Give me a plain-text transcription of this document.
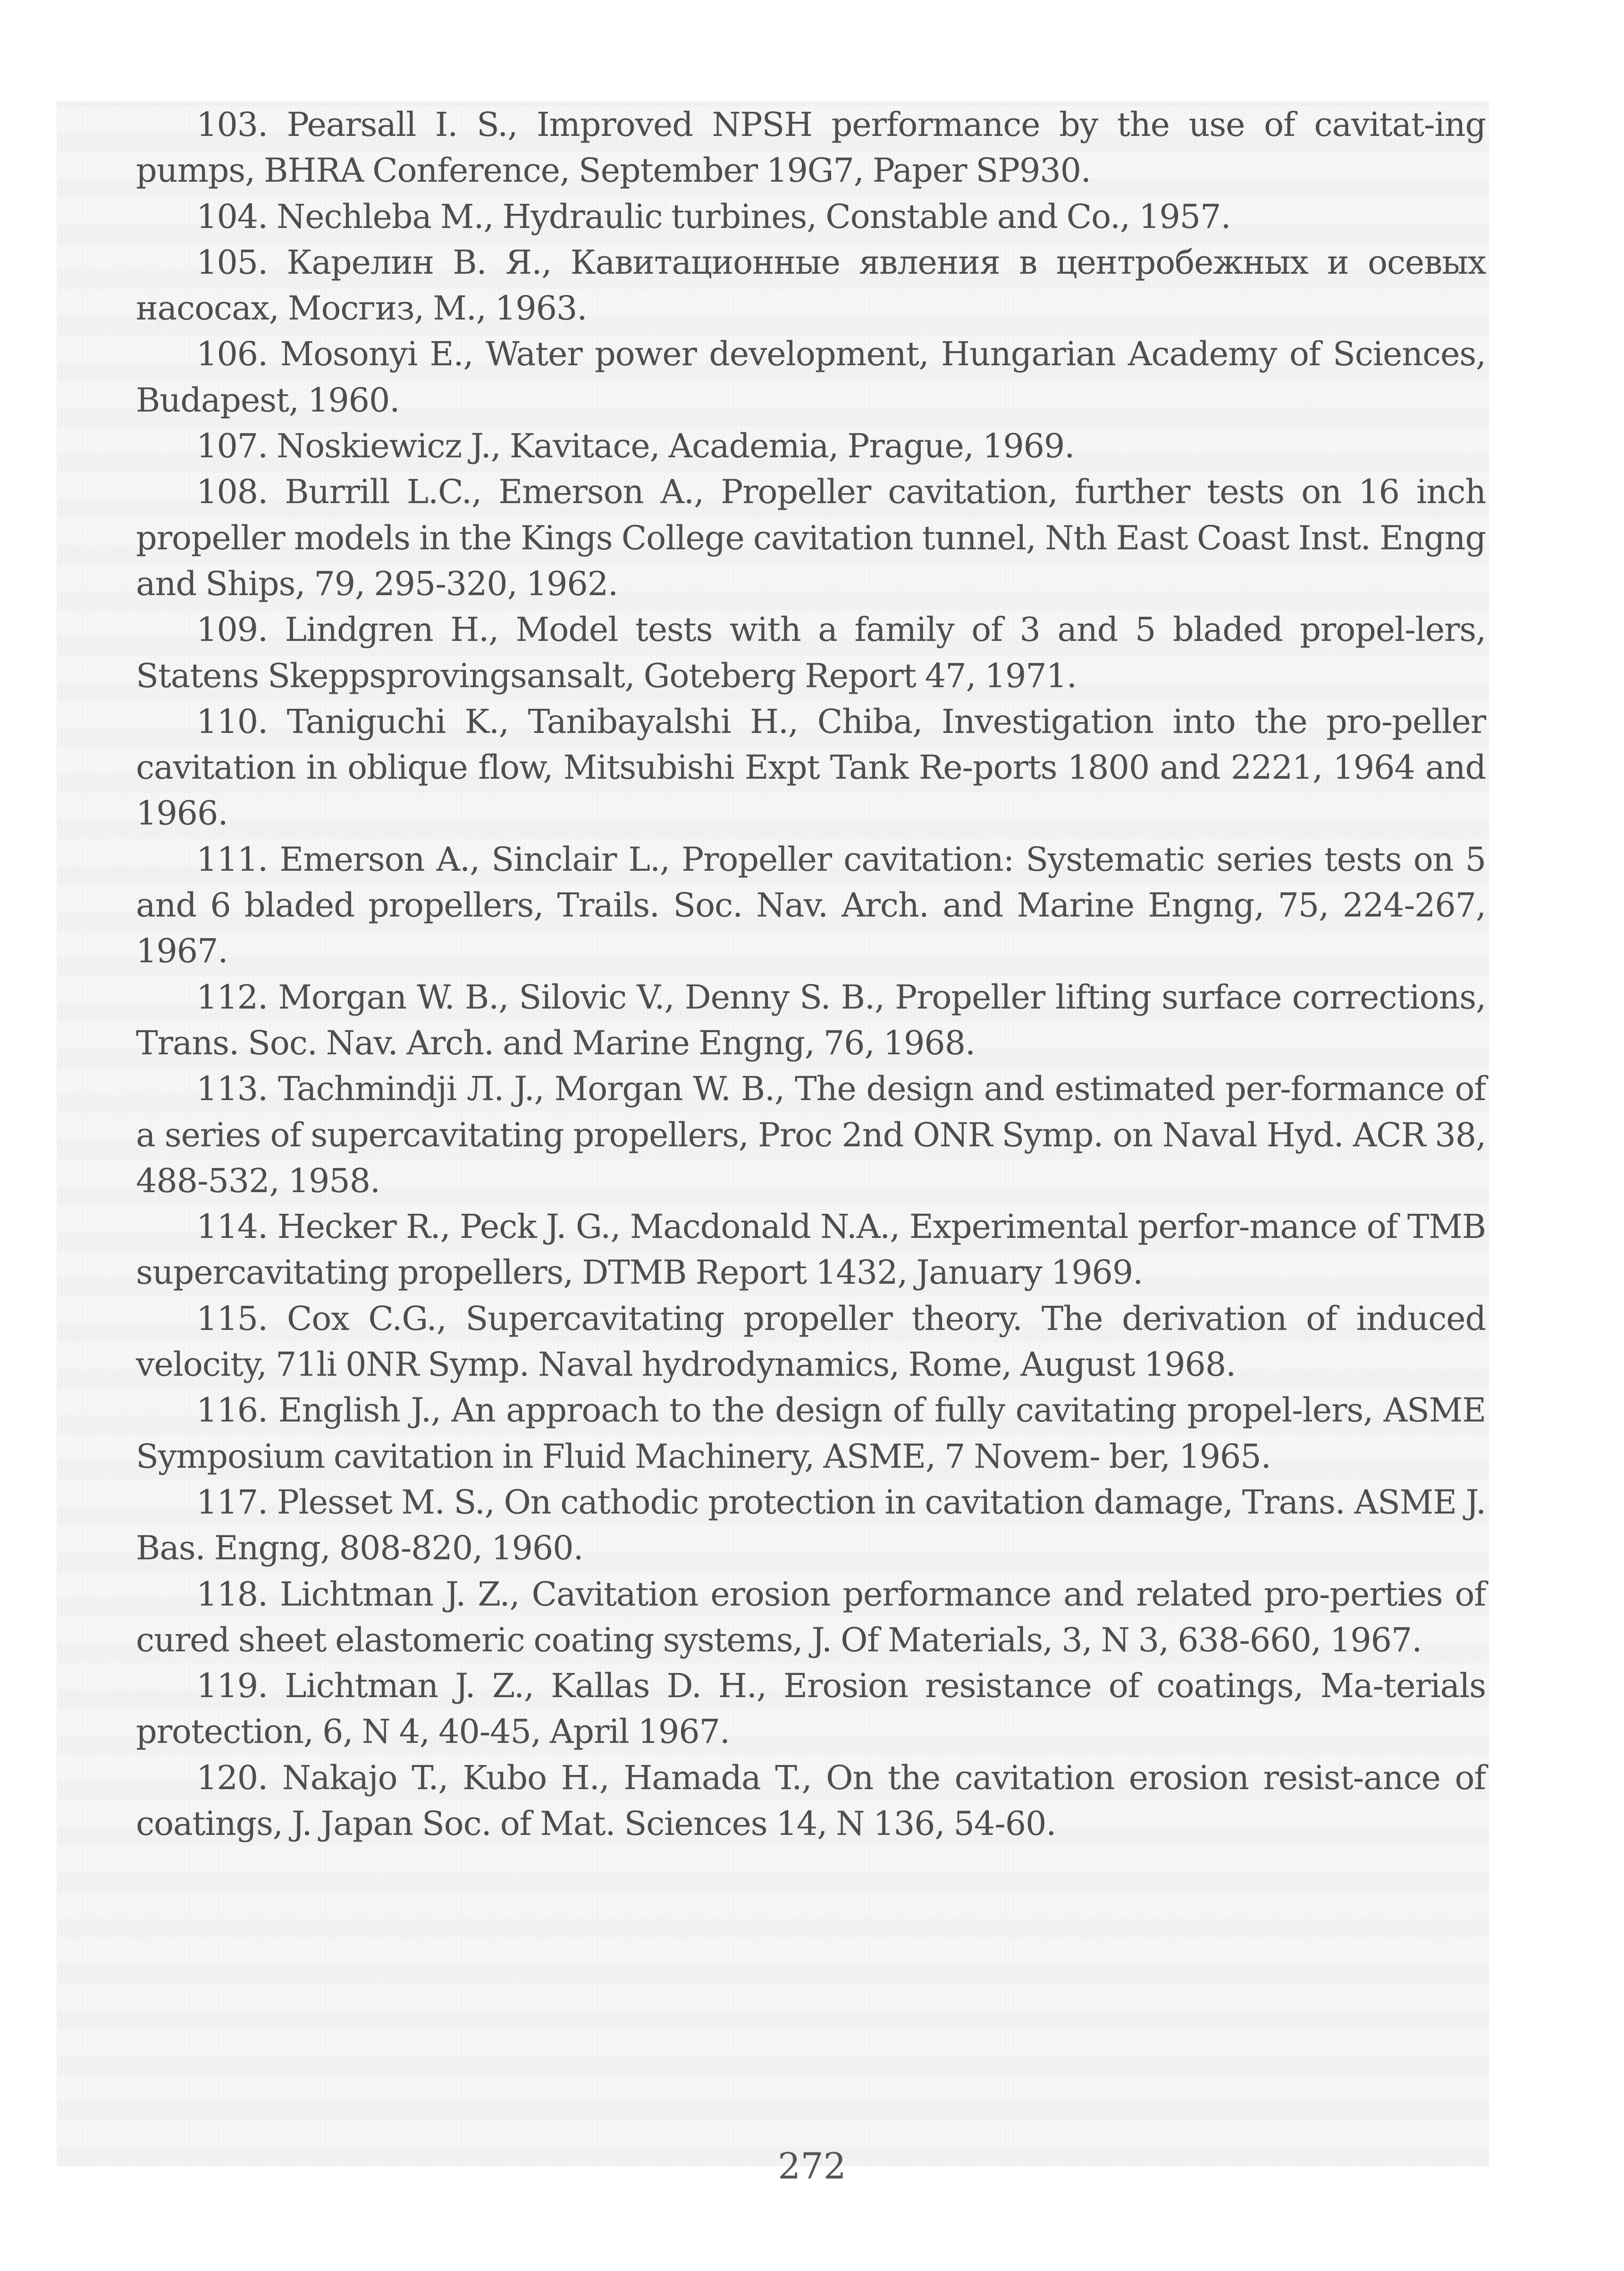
103. Pearsall I. S., Improved NPSH performance by the use of cavitat-ing pumps, BHRA Conference, September 19G7, Paper SP930.

104. Nechleba M., Hydraulic turbines, Constable and Co., 1957.

105. Карелин В. Я., Кавитационные явления в центробежных и осевых насосах, Мосгиз, М., 1963.

106. Mosonyi E., Water power development, Hungarian Academy of Sciences, Budapest, 1960.

107. Noskiewicz J., Kavitace, Academia, Prague, 1969.

108. Burrill L.C., Emerson A., Propeller cavitation, further tests on 16 inch propeller models in the Kings College cavitation tunnel, Nth East Coast Inst. Engng and Ships, 79, 295-320, 1962.

109. Lindgren H., Model tests with a family of 3 and 5 bladed propel-lers, Statens Skeppsprovingsansalt, Goteberg Report 47, 1971.

110. Taniguchi K., Tanibayalshi H., Chiba, Investigation into the pro-peller cavitation in oblique flow, Mitsubishi Expt Tank Re-ports 1800 and 2221, 1964 and 1966.

111. Emerson A., Sinclair L., Propeller cavitation: Systematic series tests on 5 and 6 bladed propellers, Trails. Soc. Nav. Arch. and Marine Engng, 75, 224-267, 1967.

112. Morgan W. B., Silovic V., Denny S. B., Propeller lifting surface corrections, Trans. Soc. Nav. Arch. and Marine Engng, 76, 1968.

113. Tachmindji Л. J., Morgan W. B., The design and estimated per-formance of a series of supercavitating propellers, Proc 2nd ONR Symp. on Naval Hyd. ACR 38, 488-532, 1958.

114. Hecker R., Peck J. G., Macdonald N.A., Experimental perfor-mance of TMB supercavitating propellers, DTMB Report 1432, January 1969.

115. Cox C.G., Supercavitating propeller theory. The derivation of induced velocity, 71li 0NR Symp. Naval hydrodynamics, Rome, August 1968.

116. English J., An approach to the design of fully cavitating propel-lers, ASME Symposium cavitation in Fluid Machinery, ASME, 7 Novem- ber, 1965.

117. Plesset M. S., On cathodic protection in cavitation damage, Trans. ASME J. Bas. Engng, 808-820, 1960.

118. Lichtman J. Z., Cavitation erosion performance and related pro-perties of cured sheet elastomeric coating systems, J. Of Materials, 3, N 3, 638-660, 1967.

119. Lichtman J. Z., Kallas D. H., Erosion resistance of coatings, Ma-terials protection, 6, N 4, 40-45, April 1967.

120. Nakajo T., Kubo H., Hamada T., On the cavitation erosion resist-ance of coatings, J. Japan Soc. of Mat. Sciences 14, N 136, 54-60.

272
